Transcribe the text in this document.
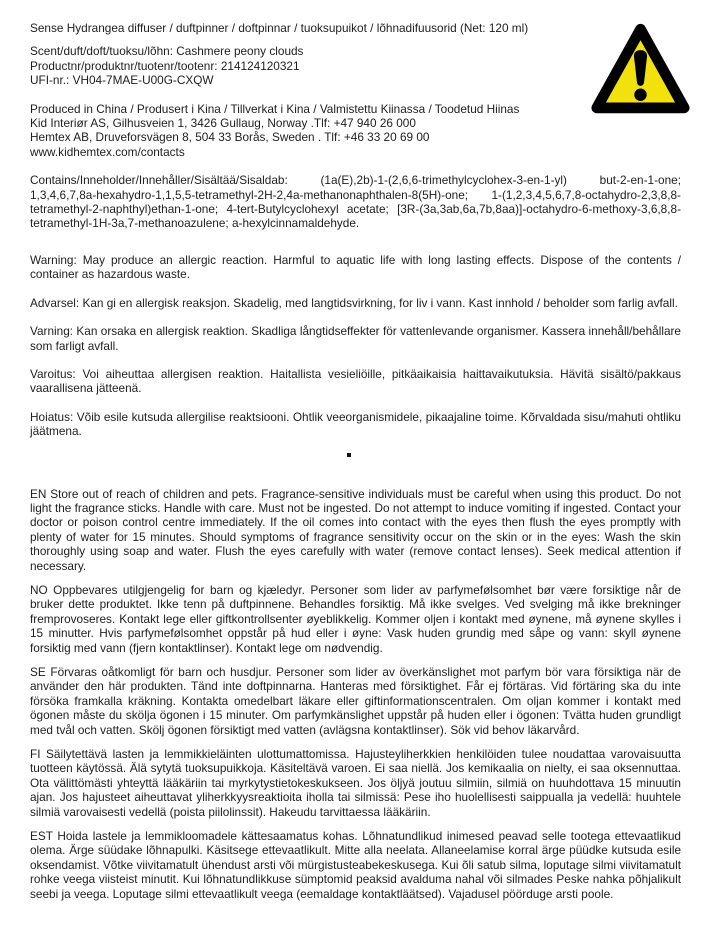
Sense Hydrangea diffuser / duftpinner / doftpinnar / tuoksupuikot / lõhnadifuusorid (Net: 120 ml)

Scent/duft/doft/tuoksu/lõhn: Cashmere peony clouds

Productnr/produktnr/tuotenr/tootenr: 214124120321

UFI-nr.: VH04-7MAE-U00G-CXQW

Produced in China / Produsert i Kina / Tillverkat i Kina / Valmistettu Kiinassa / Toodetud Hiinas

Kid Interiør AS, Gilhusveien 1, 3426 Gullaug, Norway .Tlf: +47 940 26 000

Hemtex AB, Druveforsvägen 8, 504 33 Borås, Sweden . Tlf: +46 33 20 69 00

www.kidhemtex.com/contacts

Contains/Inneholder/Innehåller/Sisältää/Sisaldab: (1a(E),2b)-1-(2,6,6-trimethylcyclohex-3-en-1-yl) but-2-en-1-one; 1,3,4,6,7,8a-hexahydro-1,1,5,5-tetramethyl-2H-2,4a-methanonaphthalen-8(5H)-one; 1-(1,2,3,4,5,6,7,8-octahydro-2,3,8,8-tetramethyl-2-naphthyl)ethan-1-one; 4-tert-Butylcyclohexyl acetate; [3R-(3a,3ab,6a,7b,8aa)]-octahydro-6-methoxy-3,6,8,8-tetramethyl-1H-3a,7-methanoazulene; a-hexylcinnamaldehyde.

Warning: May produce an allergic reaction. Harmful to aquatic life with long lasting effects. Dispose of the contents / container as hazardous waste.

Advarsel: Kan gi en allergisk reaksjon. Skadelig, med langtidsvirkning, for liv i vann. Kast innhold / beholder som farlig avfall.

Varning: Kan orsaka en allergisk reaktion. Skadliga långtidseffekter för vattenlevande organismer. Kassera innehåll/behållare som farligt avfall.

Varoitus: Voi aiheuttaa allergisen reaktion. Haitallista vesieliöille, pitkäaikaisia haittavaikutuksia. Hävitä sisältö/pakkaus vaarallisena jätteenä.

Hoiatus: Võib esile kutsuda allergilise reaktsiooni. Ohtlik veeorganismidele, pikaajaline toime. Kõrvaldada sisu/mahuti ohtliku jäätmena.

EN Store out of reach of children and pets. Fragrance-sensitive individuals must be careful when using this product. Do not light the fragrance sticks. Handle with care. Must not be ingested. Do not attempt to induce vomiting if ingested. Contact your doctor or poison control centre immediately. If the oil comes into contact with the eyes then flush the eyes promptly with plenty of water for 15 minutes. Should symptoms of fragrance sensitivity occur on the skin or in the eyes: Wash the skin thoroughly using soap and water. Flush the eyes carefully with water (remove contact lenses). Seek medical attention if necessary.

NO Oppbevares utilgjengelig for barn og kjæledyr. Personer som lider av parfymefølsomhet bør være forsiktige når de bruker dette produktet. Ikke tenn på duftpinnene. Behandles forsiktig. Må ikke svelges. Ved svelging må ikke brekninger fremprovoseres. Kontakt lege eller giftkontrollsenter øyeblikkelig. Kommer oljen i kontakt med øynene, må øynene skylles i 15 minutter. Hvis parfymefølsomhet oppstår på hud eller i øyne: Vask huden grundig med såpe og vann: skyll øynene forsiktig med vann (fjern kontaktlinser). Kontakt lege om nødvendig.

SE Förvaras oåtkomligt för barn och husdjur. Personer som lider av överkänslighet mot parfym bör vara försiktiga när de använder den här produkten. Tänd inte doftpinnarna. Hanteras med försiktighet. Får ej förtäras. Vid förtäring ska du inte försöka framkalla kräkning. Kontakta omedelbart läkare eller giftinformationscentralen. Om oljan kommer i kontakt med ögonen måste du skölja ögonen i 15 minuter. Om parfymkänslighet uppstår på huden eller i ögonen: Tvätta huden grundligt med tvål och vatten. Skölj ögonen försiktigt med vatten (avlägsna kontaktlinser). Sök vid behov läkarvård.

FI Säilytettävä lasten ja lemmikkieläinten ulottumattomissa. Hajusteyliherkkien henkilöiden tulee noudattaa varovaisuutta tuotteen käytössä. Älä sytytä tuoksupuikkoja. Käsiteltävä varoen. Ei saa niellä. Jos kemikaalia on nielty, ei saa oksennuttaa. Ota välittömästi yhteyttä lääkäriin tai myrkytystietokeskukseen. Jos öljyä joutuu silmiin, silmiä on huuhdottava 15 minuutin ajan. Jos hajusteet aiheuttavat yliherkkyysreaktioita iholla tai silmissä: Pese iho huolellisesti saippualla ja vedellä: huuhtele silmiä varovaisesti vedellä (poista piilolinssit). Hakeudu tarvittaessa lääkäriin.

EST Hoida lastele ja lemmikloomadele kättesaamatus kohas. Lõhnatundlikud inimesed peavad selle tootega ettevaatlikud olema. Ärge süüdake lõhnapulki. Käsitsege ettevaatlikult. Mitte alla neelata. Allaneelamise korral ärge püüdke kutsuda esile oksendamist. Võtke viivitamatult ühendust arsti või mürgistusteabekeskusega. Kui õli satub silma, loputage silmi viivitamatult rohke veega viisteist minutit. Kui lõhnatundlikkuse sümptomid peaksid avalduma nahal või silmades Peske nahka põhjalikult seebi ja veega. Loputage silmi ettevaatlikult veega (eemaldage kontaktläätsed). Vajadusel pöörduge arsti poole.
